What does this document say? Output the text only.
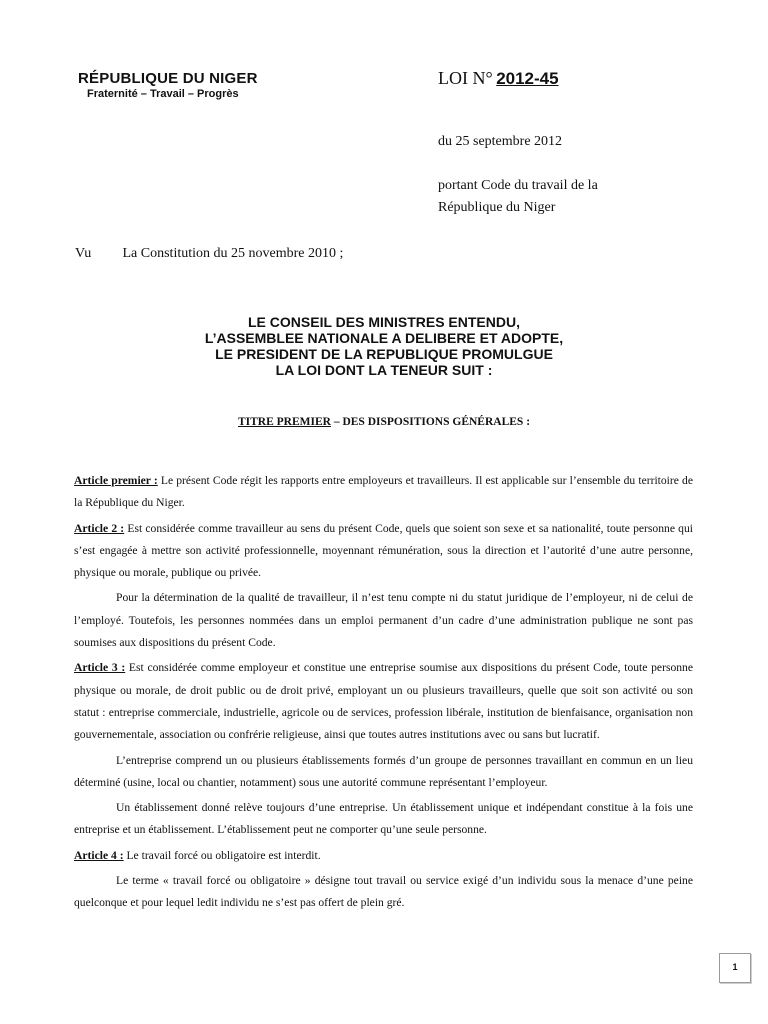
RÉPUBLIQUE DU NIGER
Fraternité – Travail – Progrès
LOI N° 2012-45
du 25 septembre 2012
portant Code du travail de la
République du Niger
Vu La Constitution du 25 novembre 2010 ;
LE CONSEIL DES MINISTRES ENTENDU,
L’ASSEMBLEE NATIONALE A DELIBERE ET ADOPTE,
LE PRESIDENT DE LA REPUBLIQUE PROMULGUE
LA LOI DONT LA TENEUR SUIT :
TITRE PREMIER – DES DISPOSITIONS GÉNÉRALES :

Article premier : Le présent Code régit les rapports entre employeurs et travailleurs. Il est applicable sur l’ensemble du territoire de la République du Niger.

Article 2 : Est considérée comme travailleur au sens du présent Code, quels que soient son sexe et sa nationalité, toute personne qui s’est engagée à mettre son activité professionnelle, moyennant rémunération, sous la direction et l’autorité d’une autre personne, physique ou morale, publique ou privée.

Pour la détermination de la qualité de travailleur, il n’est tenu compte ni du statut juridique de l’employeur, ni de celui de l’employé. Toutefois, les personnes nommées dans un emploi permanent d’un cadre d’une administration publique ne sont pas soumises aux dispositions du présent Code.

Article 3 : Est considérée comme employeur et constitue une entreprise soumise aux dispositions du présent Code, toute personne physique ou morale, de droit public ou de droit privé, employant un ou plusieurs travailleurs, quelle que soit son activité ou son statut : entreprise commerciale, industrielle, agricole ou de services, profession libérale, institution de bienfaisance, organisation non gouvernementale, association ou confrérie religieuse, ainsi que toutes autres institutions avec ou sans but lucratif.

L’entreprise comprend un ou plusieurs établissements formés d’un groupe de personnes travaillant en commun en un lieu déterminé (usine, local ou chantier, notamment) sous une autorité commune représentant l’employeur.

Un établissement donné relève toujours d’une entreprise. Un établissement unique et indépendant constitue à la fois une entreprise et un établissement. L’établissement peut ne comporter qu’une seule personne.

Article 4 : Le travail forcé ou obligatoire est interdit.

Le terme « travail forcé ou obligatoire » désigne tout travail ou service exigé d’un individu sous la menace d’une peine quelconque et pour lequel ledit individu ne s’est pas offert de plein gré.

1
